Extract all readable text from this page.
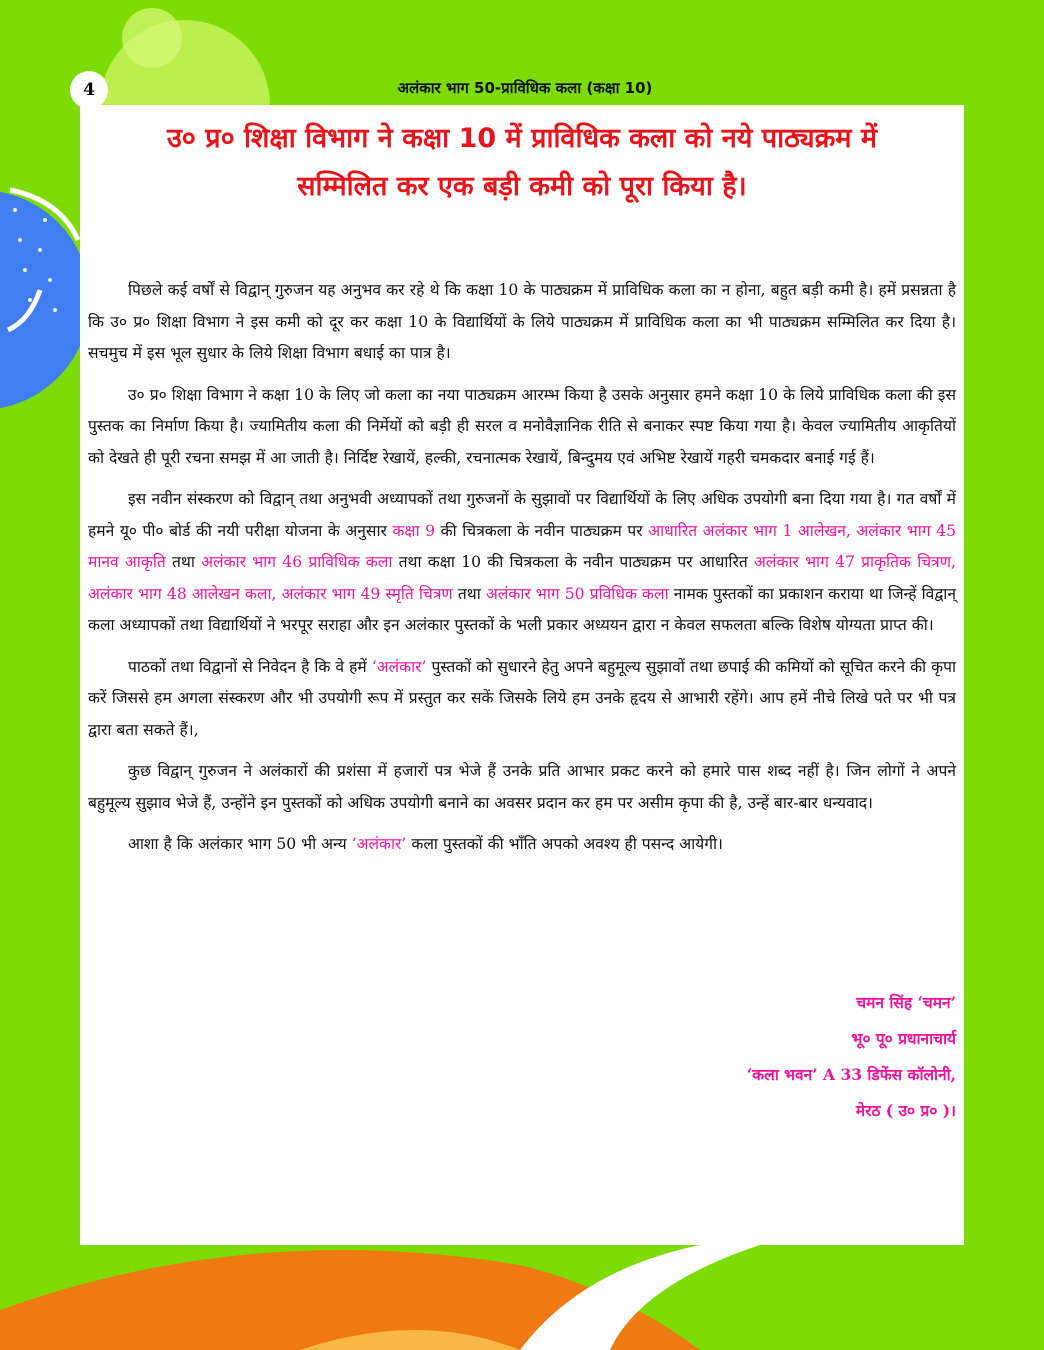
4	अलंकार भाग 50-प्राविधिक कला (कक्षा 10)
उ० प्र० शिक्षा विभाग ने कक्षा 10 में प्राविधिक कला को नये पाठ्यक्रम में
सम्मिलित कर एक बड़ी कमी को पूरा किया है।

पिछले कई वर्षों से विद्वान् गुरुजन यह अनुभव कर रहे थे कि कक्षा 10 के पाठ्यक्रम में प्राविधिक कला का न होना, बहुत बड़ी कमी है। हमें प्रसन्नता है कि उ० प्र० शिक्षा विभाग ने इस कमी को दूर कर कक्षा 10 के विद्यार्थियों के लिये पाठ्यक्रम में प्राविधिक कला का भी पाठ्यक्रम सम्मिलित कर दिया है। सचमुच में इस भूल सुधार के लिये शिक्षा विभाग बधाई का पात्र है।

उ० प्र० शिक्षा विभाग ने कक्षा 10 के लिए जो कला का नया पाठ्यक्रम आरम्भ किया है उसके अनुसार हमने कक्षा 10 के लिये प्राविधिक कला की इस पुस्तक का निर्माण किया है। ज्यामितीय कला की निर्मेयों को बड़ी ही सरल व मनोवैज्ञानिक रीति से बनाकर स्पष्ट किया गया है। केवल ज्यामितीय आकृतियों को देखते ही पूरी रचना समझ में आ जाती है। निर्दिष्ट रेखायें, हल्की, रचनात्मक रेखायें, बिन्दुमय एवं अभिष्ट रेखायें गहरी चमकदार बनाई गई हैं।

इस नवीन संस्करण को विद्वान् तथा अनुभवी अध्यापकों तथा गुरुजनों के सुझावों पर विद्यार्थियों के लिए अधिक उपयोगी बना दिया गया है। गत वर्षों में हमने यू० पी० बोर्ड की नयी परीक्षा योजना के अनुसार कक्षा 9 की चित्रकला के नवीन पाठ्यक्रम पर आधारित अलंकार भाग 1 आलेखन, अलंकार भाग 45 मानव आकृति तथा अलंकार भाग 46 प्राविधिक कला तथा कक्षा 10 की चित्रकला के नवीन पाठ्यक्रम पर आधारित अलंकार भाग 47 प्राकृतिक चित्रण, अलंकार भाग 48 आलेखन कला, अलंकार भाग 49 स्मृति चित्रण तथा अलंकार भाग 50 प्रविधिक कला नामक पुस्तकों का प्रकाशन कराया था जिन्हें विद्वान् कला अध्यापकों तथा विद्यार्थियों ने भरपूर सराहा और इन अलंकार पुस्तकों के भली प्रकार अध्ययन द्वारा न केवल सफलता बल्कि विशेष योग्यता प्राप्त की।

पाठकों तथा विद्वानों से निवेदन है कि वे हमें ‘अलंकार’ पुस्तकों को सुधारने हेतु अपने बहुमूल्य सुझावों तथा छपाई की कमियों को सूचित करने की कृपा करें जिससे हम अगला संस्करण और भी उपयोगी रूप में प्रस्तुत कर सकें जिसके लिये हम उनके हृदय से आभारी रहेंगे। आप हमें नीचे लिखे पते पर भी पत्र द्वारा बता सकते हैं।,

कुछ विद्वान् गुरुजन ने अलंकारों की प्रशंसा में हजारों पत्र भेजे हैं उनके प्रति आभार प्रकट करने को हमारे पास शब्द नहीं है। जिन लोगों ने अपने बहुमूल्य सुझाव भेजे हैं, उन्होंने इन पुस्तकों को अधिक उपयोगी बनाने का अवसर प्रदान कर हम पर असीम कृपा की है, उन्हें बार-बार धन्यवाद।

आशा है कि अलंकार भाग 50 भी अन्य ‘अलंकार’ कला पुस्तकों की भाँति अपको अवश्य ही पसन्द आयेगी।

चमन सिंह ‘चमन’
भू० पू० प्रधानाचार्य
‘कला भवन’ A 33 डिफेंस कॉलोनी,
मेरठ ( उ० प्र० )।
